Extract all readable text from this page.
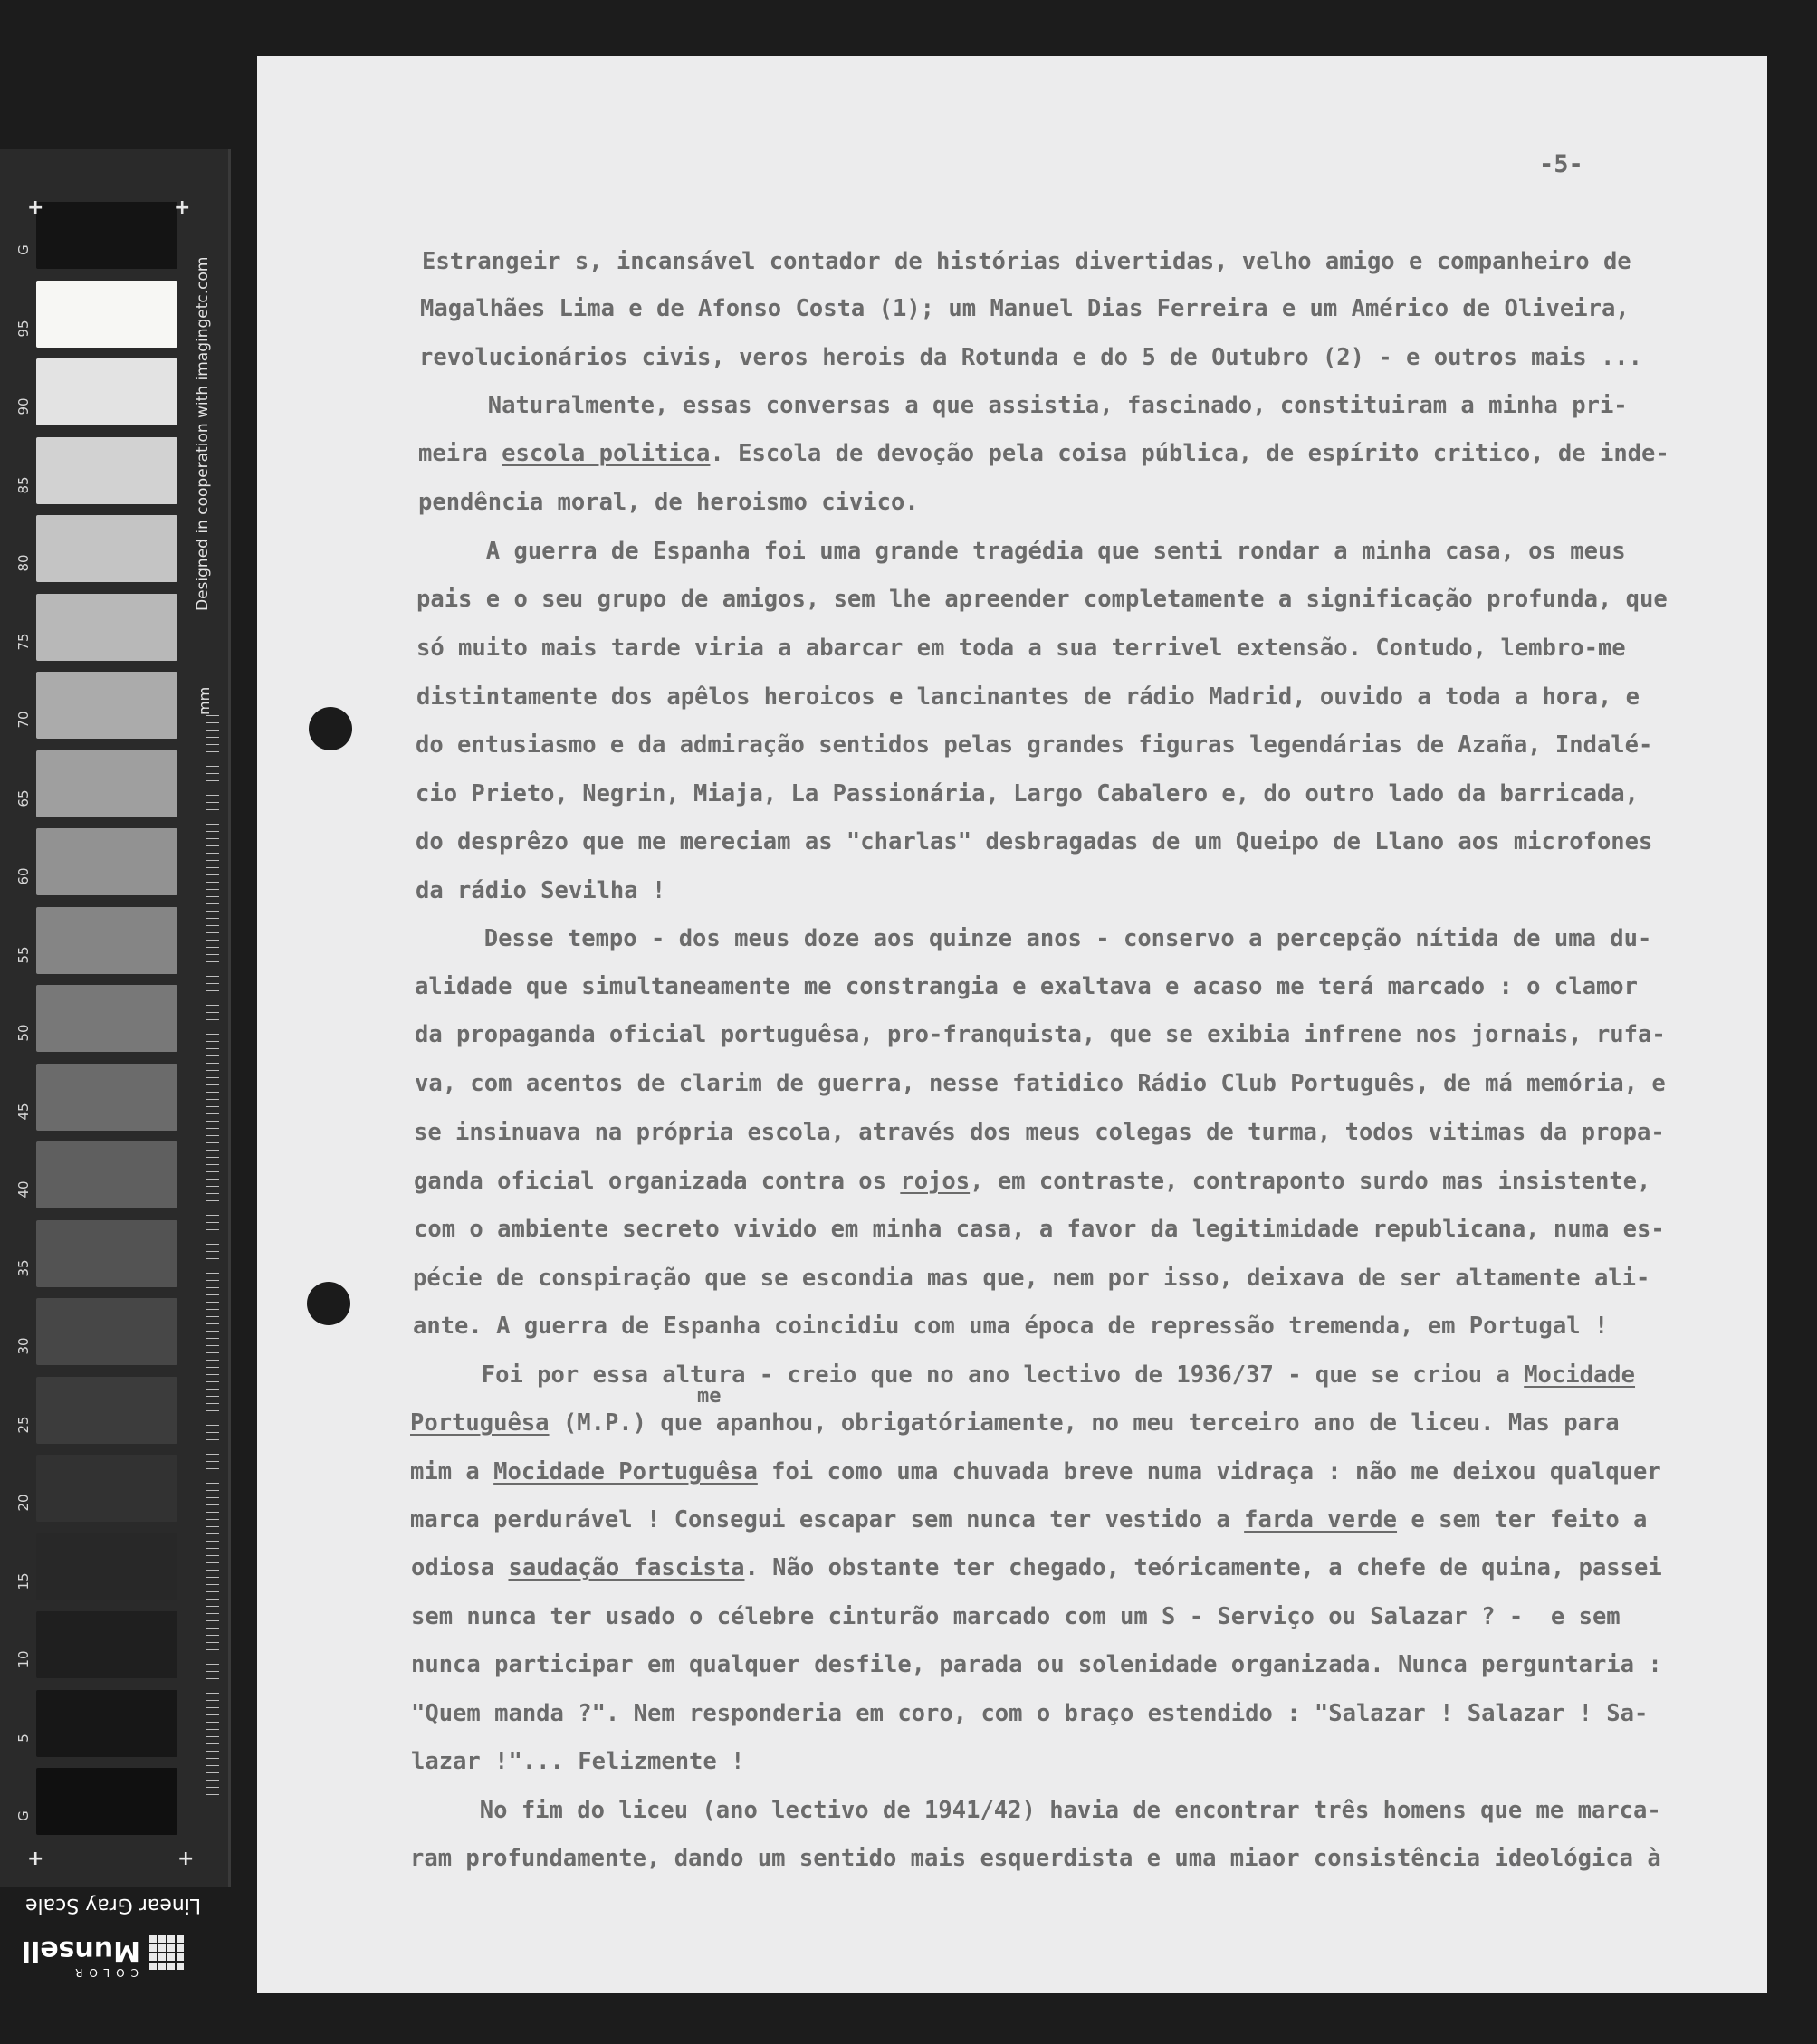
G
95
90
85
80
75
70
65
60
55
50
45
40
35
30
25
20
15
10
5
G
+	+
+	+
Designed in cooperation with imagingetc.com
mm
Linear Gray Scale
COLOR
Munsell
-5-
me
Estrangeir s, incansável contador de histórias divertidas, velho amigo e companheiro de
Magalhães Lima e de Afonso Costa (1); um Manuel Dias Ferreira e um Américo de Oliveira,
revolucionários civis, veros herois da Rotunda e do 5 de Outubro (2) - e outros mais ...
Naturalmente, essas conversas a que assistia, fascinado, constituiram a minha pri-
meira escola politica. Escola de devoção pela coisa pública, de espírito critico, de inde-
pendência moral, de heroismo civico.
A guerra de Espanha foi uma grande tragédia que senti rondar a minha casa, os meus
pais e o seu grupo de amigos, sem lhe apreender completamente a significação profunda, que
só muito mais tarde viria a abarcar em toda a sua terrivel extensão. Contudo, lembro-me
distintamente dos apêlos heroicos e lancinantes de rádio Madrid, ouvido a toda a hora, e
do entusiasmo e da admiração sentidos pelas grandes figuras legendárias de Azaña, Indalé-
cio Prieto, Negrin, Miaja, La Passionária, Largo Cabalero e, do outro lado da barricada,
do desprêzo que me mereciam as "charlas" desbragadas de um Queipo de Llano aos microfones
da rádio Sevilha !
Desse tempo - dos meus doze aos quinze anos - conservo a percepção nítida de uma du-
alidade que simultaneamente me constrangia e exaltava e acaso me terá marcado : o clamor
da propaganda oficial portuguêsa, pro-franquista, que se exibia infrene nos jornais, rufa-
va, com acentos de clarim de guerra, nesse fatidico Rádio Club Português, de má memória, e
se insinuava na própria escola, através dos meus colegas de turma, todos vitimas da propa-
ganda oficial organizada contra os rojos, em contraste, contraponto surdo mas insistente,
com o ambiente secreto vivido em minha casa, a favor da legitimidade republicana, numa es-
pécie de conspiração que se escondia mas que, nem por isso, deixava de ser altamente ali-
ante. A guerra de Espanha coincidiu com uma época de repressão tremenda, em Portugal !
Foi por essa altura - creio que no ano lectivo de 1936/37 - que se criou a Mocidade
Portuguêsa (M.P.) que apanhou, obrigatóriamente, no meu terceiro ano de liceu. Mas para
mim a Mocidade Portuguêsa foi como uma chuvada breve numa vidraça : não me deixou qualquer
marca perdurável ! Consegui escapar sem nunca ter vestido a farda verde e sem ter feito a
odiosa saudação fascista. Não obstante ter chegado, teóricamente, a chefe de quina, passei
sem nunca ter usado o célebre cinturão marcado com um S - Serviço ou Salazar ? -  e sem
nunca participar em qualquer desfile, parada ou solenidade organizada. Nunca perguntaria :
"Quem manda ?". Nem responderia em coro, com o braço estendido : "Salazar ! Salazar ! Sa-
lazar !"... Felizmente !
No fim do liceu (ano lectivo de 1941/42) havia de encontrar três homens que me marca-
ram profundamente, dando um sentido mais esquerdista e uma miaor consistência ideológica à
